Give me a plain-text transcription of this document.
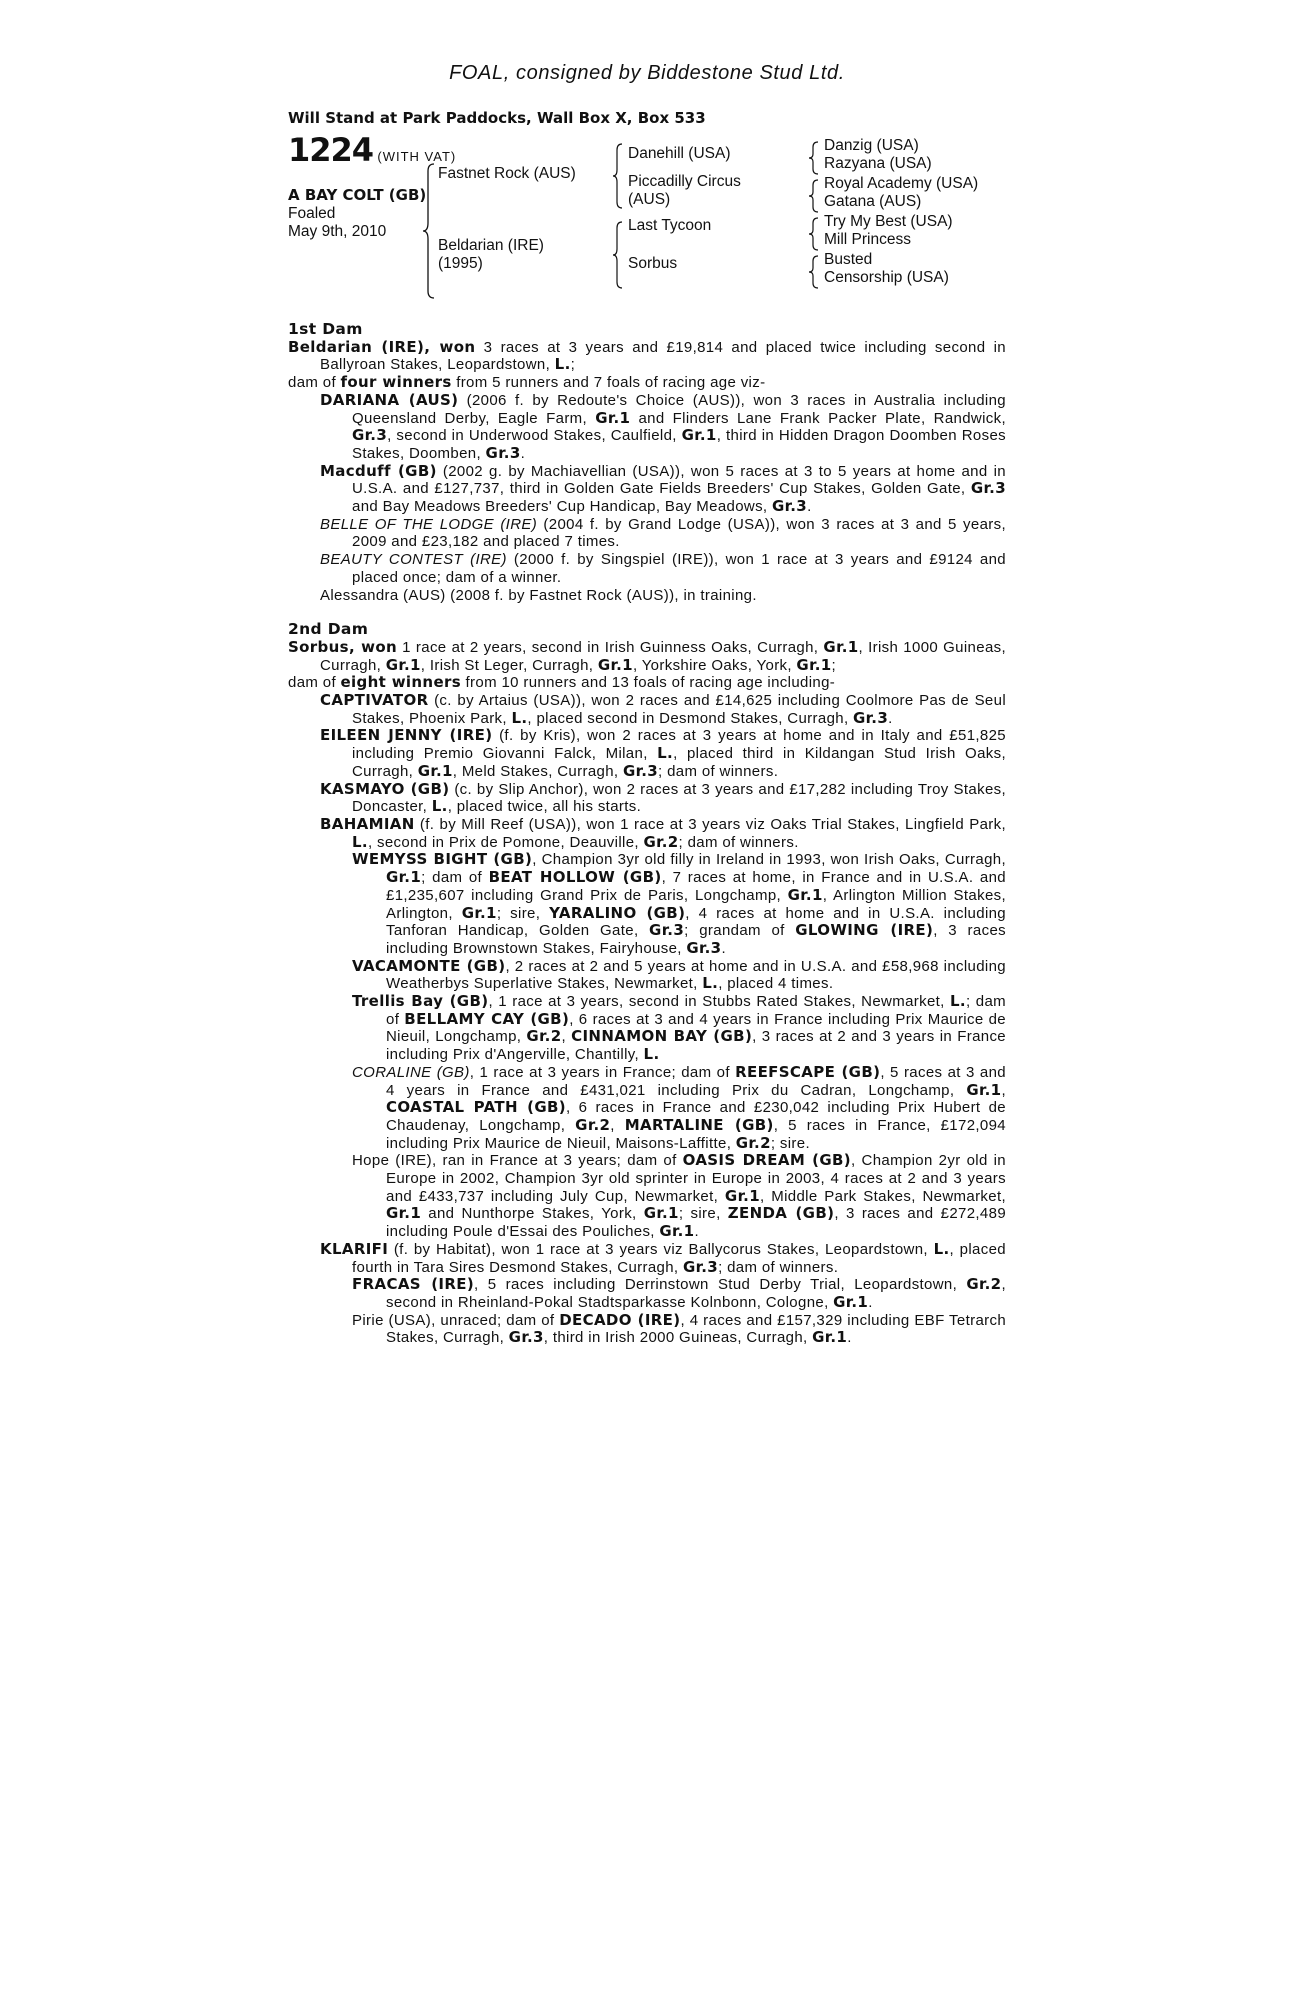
FOAL, consigned by Biddestone Stud Ltd.
Will Stand at Park Paddocks, Wall Box X, Box 533
1224 (WITH VAT)
A BAY COLT (GB)
Foaled
May 9th, 2010
Fastnet Rock (AUS)
Beldarian (IRE)
(1995)
Danehill (USA)
Piccadilly Circus
(AUS)
Last Tycoon
Sorbus
Danzig (USA)
Razyana (USA)
Royal Academy (USA)
Gatana (AUS)
Try My Best (USA)
Mill Princess
Busted
Censorship (USA)
1st Dam

Beldarian (IRE), won 3 races at 3 years and £19,814 and placed twice including second in Ballyroan Stakes, Leopardstown, L.;

dam of four winners from 5 runners and 7 foals of racing age viz-

DARIANA (AUS) (2006 f. by Redoute's Choice (AUS)), won 3 races in Australia including Queensland Derby, Eagle Farm, Gr.1 and Flinders Lane Frank Packer Plate, Randwick, Gr.3, second in Underwood Stakes, Caulfield, Gr.1, third in Hidden Dragon Doomben Roses Stakes, Doomben, Gr.3.

Macduff (GB) (2002 g. by Machiavellian (USA)), won 5 races at 3 to 5 years at home and in U.S.A. and £127,737, third in Golden Gate Fields Breeders' Cup Stakes, Golden Gate, Gr.3 and Bay Meadows Breeders' Cup Handicap, Bay Meadows, Gr.3.

BELLE OF THE LODGE (IRE) (2004 f. by Grand Lodge (USA)), won 3 races at 3 and 5 years, 2009 and £23,182 and placed 7 times.

BEAUTY CONTEST (IRE) (2000 f. by Singspiel (IRE)), won 1 race at 3 years and £9124 and placed once; dam of a winner.

Alessandra (AUS) (2008 f. by Fastnet Rock (AUS)), in training.

2nd Dam

Sorbus, won 1 race at 2 years, second in Irish Guinness Oaks, Curragh, Gr.1, Irish 1000 Guineas, Curragh, Gr.1, Irish St Leger, Curragh, Gr.1, Yorkshire Oaks, York, Gr.1;

dam of eight winners from 10 runners and 13 foals of racing age including-

CAPTIVATOR (c. by Artaius (USA)), won 2 races and £14,625 including Coolmore Pas de Seul Stakes, Phoenix Park, L., placed second in Desmond Stakes, Curragh, Gr.3.

EILEEN JENNY (IRE) (f. by Kris), won 2 races at 3 years at home and in Italy and £51,825 including Premio Giovanni Falck, Milan, L., placed third in Kildangan Stud Irish Oaks, Curragh, Gr.1, Meld Stakes, Curragh, Gr.3; dam of winners.

KASMAYO (GB) (c. by Slip Anchor), won 2 races at 3 years and £17,282 including Troy Stakes, Doncaster, L., placed twice, all his starts.

BAHAMIAN (f. by Mill Reef (USA)), won 1 race at 3 years viz Oaks Trial Stakes, Lingfield Park, L., second in Prix de Pomone, Deauville, Gr.2; dam of winners.

WEMYSS BIGHT (GB), Champion 3yr old filly in Ireland in 1993, won Irish Oaks, Curragh, Gr.1; dam of BEAT HOLLOW (GB), 7 races at home, in France and in U.S.A. and £1,235,607 including Grand Prix de Paris, Longchamp, Gr.1, Arlington Million Stakes, Arlington, Gr.1; sire, YARALINO (GB), 4 races at home and in U.S.A. including Tanforan Handicap, Golden Gate, Gr.3; grandam of GLOWING (IRE), 3 races including Brownstown Stakes, Fairyhouse, Gr.3.

VACAMONTE (GB), 2 races at 2 and 5 years at home and in U.S.A. and £58,968 including Weatherbys Superlative Stakes, Newmarket, L., placed 4 times.

Trellis Bay (GB), 1 race at 3 years, second in Stubbs Rated Stakes, Newmarket, L.; dam of BELLAMY CAY (GB), 6 races at 3 and 4 years in France including Prix Maurice de Nieuil, Longchamp, Gr.2, CINNAMON BAY (GB), 3 races at 2 and 3 years in France including Prix d'Angerville, Chantilly, L.

CORALINE (GB), 1 race at 3 years in France; dam of REEFSCAPE (GB), 5 races at 3 and 4 years in France and £431,021 including Prix du Cadran, Longchamp, Gr.1, COASTAL PATH (GB), 6 races in France and £230,042 including Prix Hubert de Chaudenay, Longchamp, Gr.2, MARTALINE (GB), 5 races in France, £172,094 including Prix Maurice de Nieuil, Maisons-Laffitte, Gr.2; sire.

Hope (IRE), ran in France at 3 years; dam of OASIS DREAM (GB), Champion 2yr old in Europe in 2002, Champion 3yr old sprinter in Europe in 2003, 4 races at 2 and 3 years and £433,737 including July Cup, Newmarket, Gr.1, Middle Park Stakes, Newmarket, Gr.1 and Nunthorpe Stakes, York, Gr.1; sire, ZENDA (GB), 3 races and £272,489 including Poule d'Essai des Pouliches, Gr.1.

KLARIFI (f. by Habitat), won 1 race at 3 years viz Ballycorus Stakes, Leopardstown, L., placed fourth in Tara Sires Desmond Stakes, Curragh, Gr.3; dam of winners.

FRACAS (IRE), 5 races including Derrinstown Stud Derby Trial, Leopardstown, Gr.2, second in Rheinland-Pokal Stadtsparkasse Kolnbonn, Cologne, Gr.1.

Pirie (USA), unraced; dam of DECADO (IRE), 4 races and £157,329 including EBF Tetrarch Stakes, Curragh, Gr.3, third in Irish 2000 Guineas, Curragh, Gr.1.
